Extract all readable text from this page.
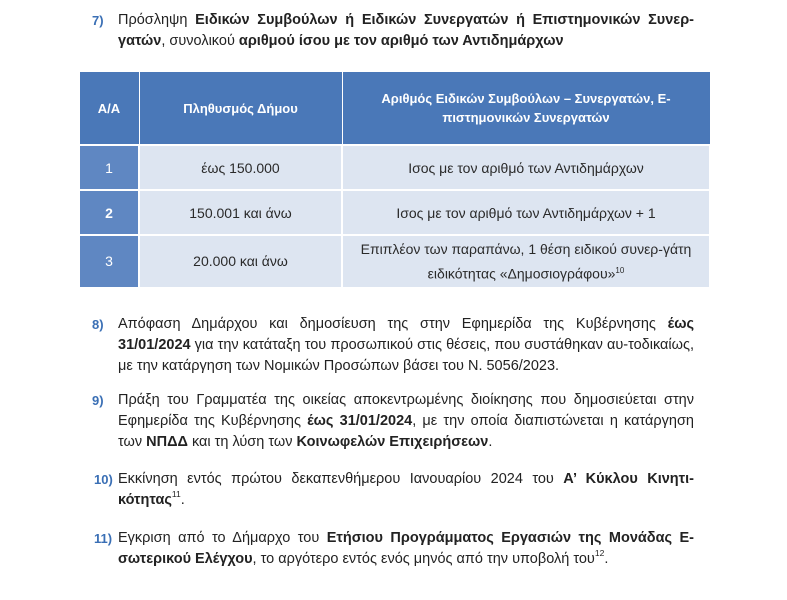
7) Πρόσληψη Ειδικών Συμβούλων ή Ειδικών Συνεργατών ή Επιστημονικών Συνερ-γατών, συνολικού αριθμού ίσου με τον αριθμό των Αντιδημάρχων
Α/Α	Πληθυσμός Δήμου	Αριθμός Ειδικών Συμβούλων – Συνεργατών, Ε-πιστημονικών Συνεργατών
1	έως 150.000	Ισος με τον αριθμό των Αντιδημάρχων
2	150.001 και άνω	Ισος με τον αριθμό των Αντιδημάρχων + 1
3	20.000 και άνω	Επιπλέον των παραπάνω, 1 θέση ειδικού συνερ-γάτη ειδικότητας «Δημοσιογράφου»$^{10}$
8) Απόφαση Δημάρχου και δημοσίευση της στην Εφημερίδα της Κυβέρνησης έως 31/01/2024 για την κατάταξη του προσωπικού στις θέσεις, που συστάθηκαν αυ-τοδικαίως, με την κατάργηση των Νομικών Προσώπων βάσει του Ν. 5056/2023.
9) Πράξη του Γραμματέα της οικείας αποκεντρωμένης διοίκησης που δημοσιεύεται στην Εφημερίδα της Κυβέρνησης έως 31/01/2024, με την οποία διαπιστώνεται η κατάργηση των ΝΠΔΔ και τη λύση των Κοινωφελών Επιχειρήσεων.
10) Εκκίνηση εντός πρώτου δεκαπενθήμερου Ιανουαρίου 2024 του Α’ Κύκλου Κινητι-κότητας$^{11}$.
11) Εγκριση από το Δήμαρχο του Ετήσιου Προγράμματος Εργασιών της Μονάδας Ε-σωτερικού Ελέγχου, το αργότερο εντός ενός μηνός από την υποβολή του$^{12}$.
